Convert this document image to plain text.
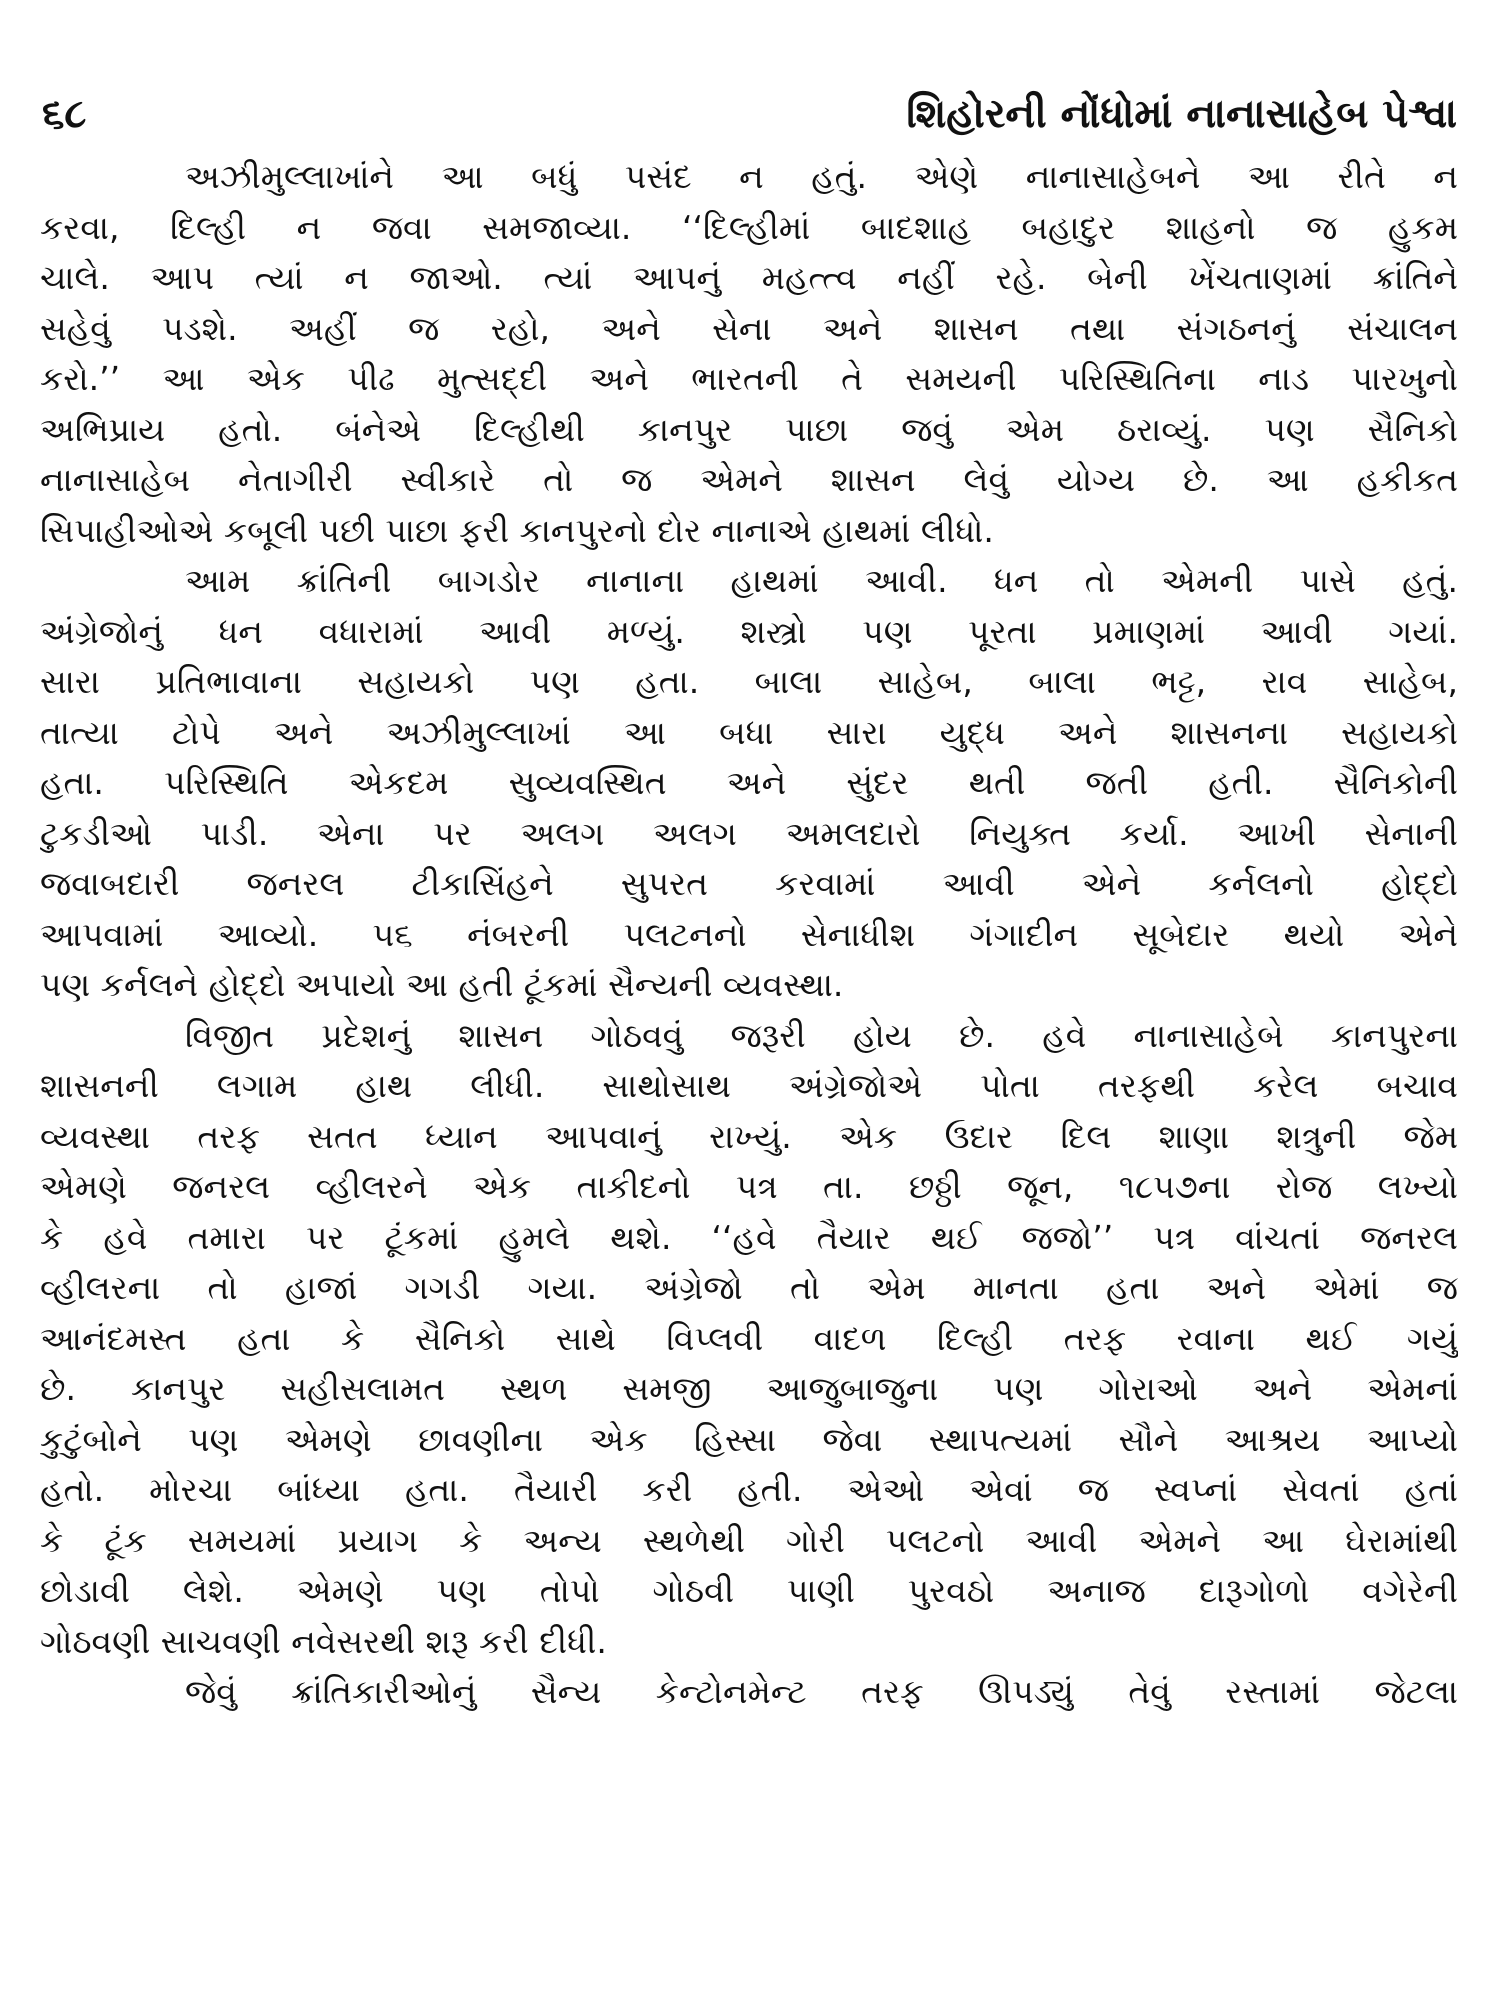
૬૮	શિહોરની નોંધોમાં નાનાસાહેબ પેશ્વા
અઝીમુલ્લાખાંને આ બધું પસંદ ન હતું. એણે નાનાસાહેબને આ રીતે ન
કરવા, દિલ્હી ન જવા સમજાવ્યા. ‘‘દિલ્હીમાં બાદશાહ બહાદુર શાહનો જ હુકમ
ચાલે. આપ ત્યાં ન જાઓ. ત્યાં આપનું મહત્ત્વ નહીં રહે. બેની ખેંચતાણમાં ક્રાંતિને
સહેવું પડશે. અહીં જ રહો, અને સેના અને શાસન તથા સંગઠનનું સંચાલન
કરો.’’ આ એક પીઢ મુત્સદ્દી અને ભારતની તે સમયની પરિસ્થિતિના નાડ પારખુનો
અભિપ્રાય હતો. બંનેએ દિલ્હીથી કાનપુર પાછા જવું એમ ઠરાવ્યું. પણ સૈનિકો
નાનાસાહેબ નેતાગીરી સ્વીકારે તો જ એમને શાસન લેવું યોગ્ય છે. આ હકીકત
સિપાહીઓએ કબૂલી પછી પાછા ફરી કાનપુરનો દોર નાનાએ હાથમાં લીધો.
આમ ક્રાંતિની બાગડોર નાનાના હાથમાં આવી. ધન તો એમની પાસે હતું.
અંગ્રેજોનું ધન વધારામાં આવી મળ્યું. શસ્ત્રો પણ પૂરતા પ્રમાણમાં આવી ગયાં.
સારા પ્રતિભાવાના સહાયકો પણ હતા. બાલા સાહેબ, બાલા ભટ્ટ, રાવ સાહેબ,
તાત્યા ટોપે અને અઝીમુલ્લાખાં આ બધા સારા યુદ્ધ અને શાસનના સહાયકો
હતા. પરિસ્થિતિ એકદમ સુવ્યવસ્થિત અને સુંદર થતી જતી હતી. સૈનિકોની
ટુકડીઓ પાડી. એના પર અલગ અલગ અમલદારો નિયુક્ત કર્યા. આખી સેનાની
જવાબદારી જનરલ ટીકાસિંહને સુપરત કરવામાં આવી એને કર્નલનો હોદ્દો
આપવામાં આવ્યો. ૫૬ નંબરની પલટનનો સેનાધીશ ગંગાદીન સૂબેદાર થયો એને
પણ કર્નલને હોદ્દો અપાયો આ હતી ટૂંકમાં સૈન્યની વ્યવસ્થા.
વિજીત પ્રદેશનું શાસન ગોઠવવું જરૂરી હોય છે. હવે નાનાસાહેબે કાનપુરના
શાસનની લગામ હાથ લીધી. સાથોસાથ અંગ્રેજોએ પોતા તરફથી કરેલ બચાવ
વ્યવસ્થા તરફ સતત ધ્યાન આપવાનું રાખ્યું. એક ઉદાર દિલ શાણા શત્રુની જેમ
એમણે જનરલ વ્હીલરને એક તાકીદનો પત્ર તા. છઠ્ઠી જૂન, ૧૮૫૭ના રોજ લખ્યો
કે હવે તમારા પર ટૂંકમાં હુમલે થશે. ‘‘હવે તૈયાર થઈ જજો’’ પત્ર વાંચતાં જનરલ
વ્હીલરના તો હાજાં ગગડી ગયા. અંગ્રેજો તો એમ માનતા હતા અને એમાં જ
આનંદમસ્ત હતા કે સૈનિકો સાથે વિપ્લવી વાદળ દિલ્હી તરફ રવાના થઈ ગયું
છે. કાનપુર સહીસલામત સ્થળ સમજી આજુબાજુના પણ ગોરાઓ અને એમનાં
કુટુંબોને પણ એમણે છાવણીના એક હિસ્સા જેવા સ્થાપત્યમાં સૌને આશ્રય આપ્યો
હતો. મોરચા બાંધ્યા હતા. તૈયારી કરી હતી. એઓ એવાં જ સ્વપ્નાં સેવતાં હતાં
કે ટૂંક સમયમાં પ્રયાગ કે અન્ય સ્થળેથી ગોરી પલટનો આવી એમને આ ઘેરામાંથી
છોડાવી લેશે. એમણે પણ તોપો ગોઠવી પાણી પુરવઠો અનાજ દારૂગોળો વગેરેની
ગોઠવણી સાચવણી નવેસરથી શરૂ કરી દીધી.
જેવું ક્રાંતિકારીઓનું સૈન્ય કેન્ટોનમેન્ટ તરફ ઊપડ્યું તેવું રસ્તામાં જેટલા
